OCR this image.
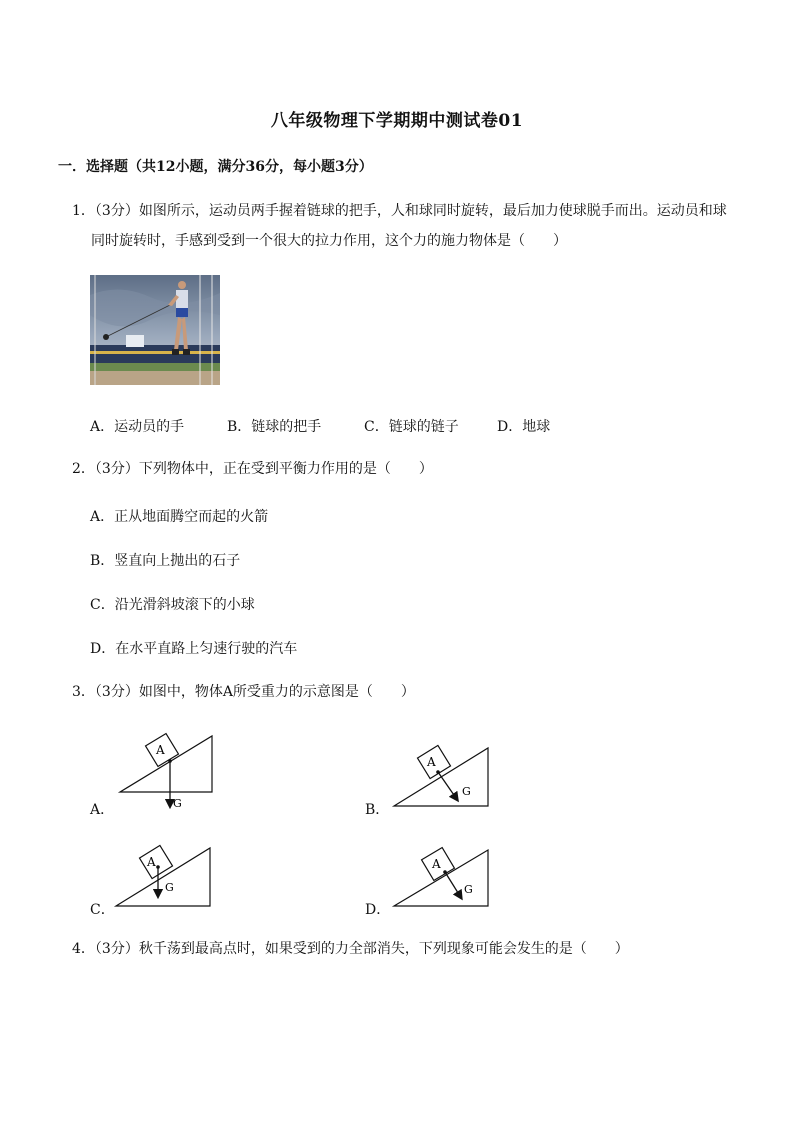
八年级物理下学期期中测试卷01
一．选择题（共12小题，满分36分，每小题3分）
1．（3分）如图所示，运动员两手握着链球的把手，人和球同时旋转，最后加力使球脱手而出。运动员和球
同时旋转时，手感到受到一个很大的拉力作用，这个力的施力物体是（　　）
A．运动员的手	B．链球的把手	C．链球的链子	D．地球
2．（3分）下列物体中，正在受到平衡力作用的是（　　）
A．正从地面腾空而起的火箭
B．竖直向上抛出的石子
C．沿光滑斜坡滚下的小球
D．在水平直路上匀速行驶的汽车
3．（3分）如图中，物体A所受重力的示意图是（　　）
A．	B．
C．	D．
A
G
A
G
A
G
A
G
4．（3分）秋千荡到最高点时，如果受到的力全部消失，下列现象可能会发生的是（　　）
